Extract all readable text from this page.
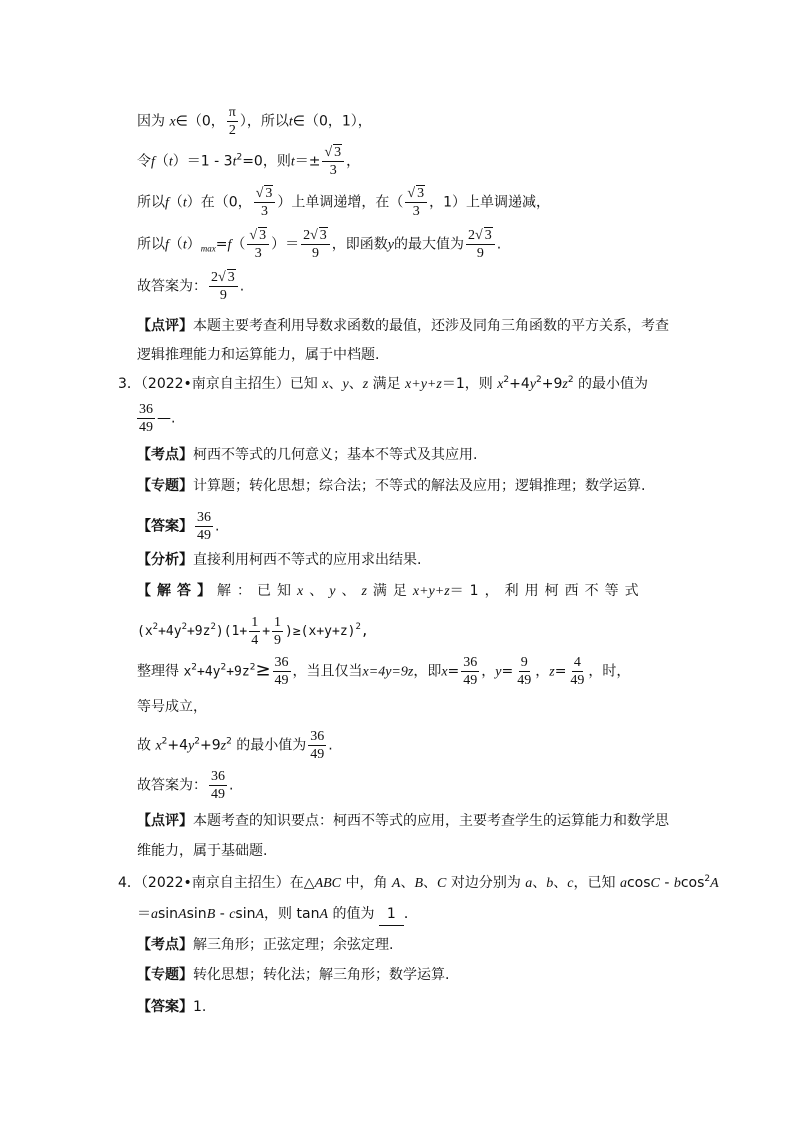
因为 x∈（0， $\frac{\pi}{2}$ ），所以t∈（0，1），
令$f(t)=1 - 3t^2=0$，则$t=\pm \frac{√ 3}{3}$ ，
所以f（t）在（0， $\frac{√ 3}{3}$ ）上单调递增，在（ $\frac{√ 3}{3}$ ，1）上单调递减，
所以$f(t)_{max}=f( \frac{√ 3}{3}$ ）＝ $\frac{2√ 3}{9}$ ，即函数y的最大值为 $\frac{2√ 3}{9}$ .
故答案为： $\frac{2√ 3}{9}$ .
【点评】本题主要考查利用导数求函数的最值，还涉及同角三角函数的平方关系，考查
逻辑推理能力和运算能力，属于中档题.
3．（2022•南京自主招生）已知 x、y、z 满足 x+y+z＝1，则 $x^2+4y^2+9z^2$ 的最小值为
$\frac{36}{49}$ —.
【考点】柯西不等式的几何意义；基本不等式及其应用.
【专题】计算题；转化思想；综合法；不等式的解法及应用；逻辑推理；数学运算.
【答案】 $\frac{36}{49}$ .
【分析】直接利用柯西不等式的应用求出结果.
【解答】解：已知x、y、z满足x+y+z＝1，利用柯西不等式
$(x^2+4y^2+9z^2)(1+ \frac{1}{4} + \frac{1}{9} )\ge(x+y+z)^2$,
整理得 $x^2+4y^2+9z^2\ge \frac{36}{49}$ ，当且仅当x=4y=9z，即$x= \frac{36}{49}$ ，$y= \frac{9}{49}$ ，$z= \frac{4}{49}$ ，时，
等号成立，
故 $x^2+4y^2+9z^2$ 的最小值为 $\frac{36}{49}$ .
故答案为： $\frac{36}{49}$ .
【点评】本题考查的知识要点：柯西不等式的应用，主要考查学生的运算能力和数学思
维能力，属于基础题.
4．（2022•南京自主招生）在△ABC 中，角 A、B、C 对边分别为 a、b、c，已知 acosC - bcos$^2$A
＝asinAsinB - csinA，则 tanA 的值为 1 ．
【考点】解三角形；正弦定理；余弦定理.
【专题】转化思想；转化法；解三角形；数学运算.
【答案】1.
